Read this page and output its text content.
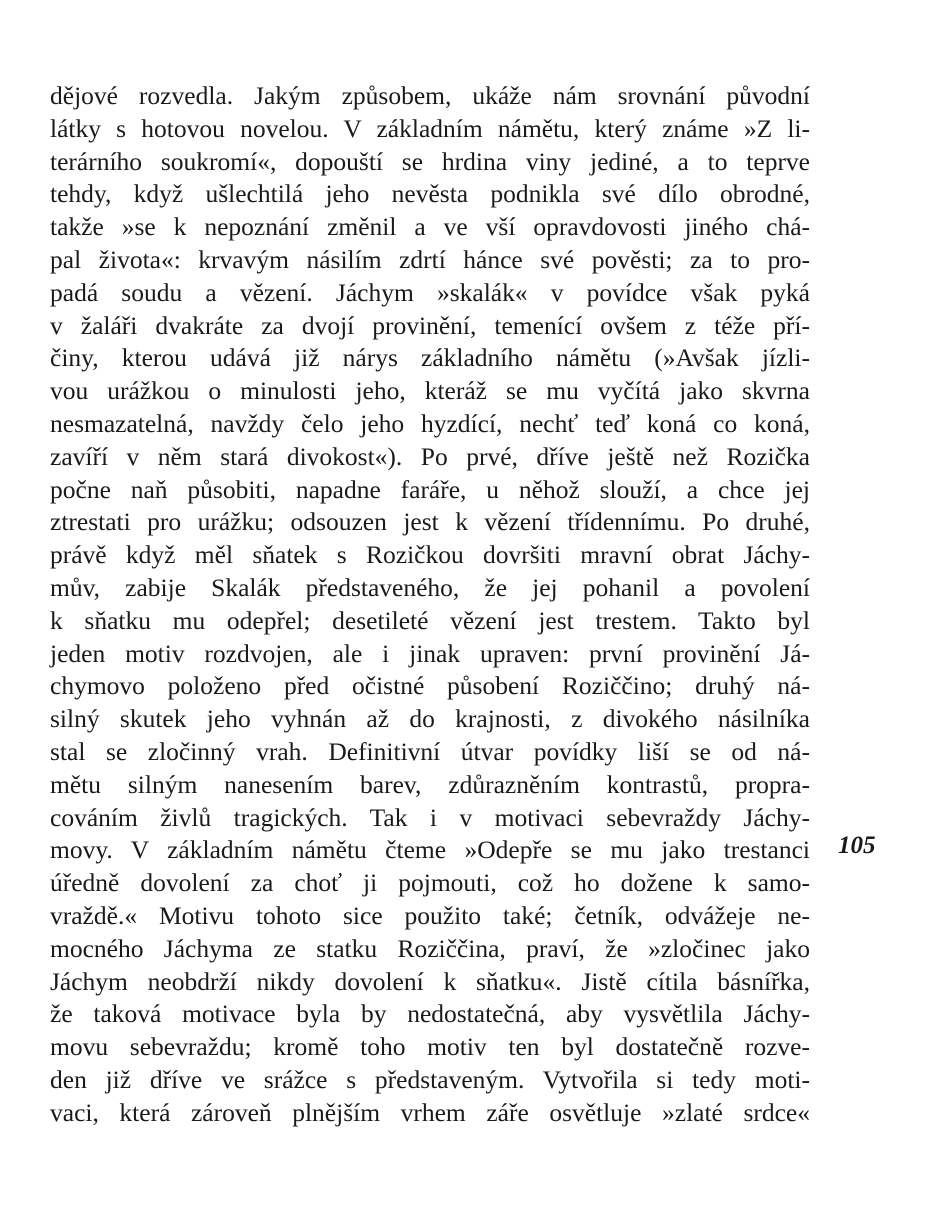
dějové rozvedla. Jakým způsobem, ukáže nám srovnání původní
látky s hotovou novelou. V základním námětu, který známe »Z li-
terárního soukromí«, dopouští se hrdina viny jediné, a to teprve
tehdy, když ušlechtilá jeho nevěsta podnikla své dílo obrodné,
takže »se k nepoznání změnil a ve vší opravdovosti jiného chá-
pal života«: krvavým násilím zdrtí hánce své pověsti; za to pro-
padá soudu a vězení. Jáchym »skalák« v povídce však pyká
v žaláři dvakráte za dvojí provinění, temenící ovšem z téže pří-
činy, kterou udává již nárys základního námětu (»Avšak jízli-
vou urážkou o minulosti jeho, kteráž se mu vyčítá jako skvrna
nesmazatelná, navždy čelo jeho hyzdící, nechť teď koná co koná,
zavíří v něm stará divokost«). Po prvé, dříve ještě než Rozička
počne naň působiti, napadne faráře, u něhož slouží, a chce jej
ztrestati pro urážku; odsouzen jest k vězení třídennímu. Po druhé,
právě když měl sňatek s Rozičkou dovršiti mravní obrat Jáchy-
mův, zabije Skalák představeného, že jej pohanil a povolení
k sňatku mu odepřel; desetileté vězení jest trestem. Takto byl
jeden motiv rozdvojen, ale i jinak upraven: první provinění Já-
chymovo položeno před očistné působení Roziččino; druhý ná-
silný skutek jeho vyhnán až do krajnosti, z divokého násilníka
stal se zločinný vrah. Definitivní útvar povídky liší se od ná-
mětu silným nanesením barev, zdůrazněním kontrastů, propra-
cováním živlů tragických. Tak i v motivaci sebevraždy Jáchy-
movy. V základním námětu čteme »Odepře se mu jako trestanci
úředně dovolení za choť ji pojmouti, což ho dožene k samo-
vraždě.« Motivu tohoto sice použito také; četník, odvážeje ne-
mocného Jáchyma ze statku Roziččina, praví, že »zločinec jako
Jáchym neobdrží nikdy dovolení k sňatku«. Jistě cítila básnířka,
že taková motivace byla by nedostatečná, aby vysvětlila Jáchy-
movu sebevraždu; kromě toho motiv ten byl dostatečně rozve-
den již dříve ve srážce s představeným. Vytvořila si tedy moti-
vaci, která zároveň plnějším vrhem záře osvětluje »zlaté srdce«
105
